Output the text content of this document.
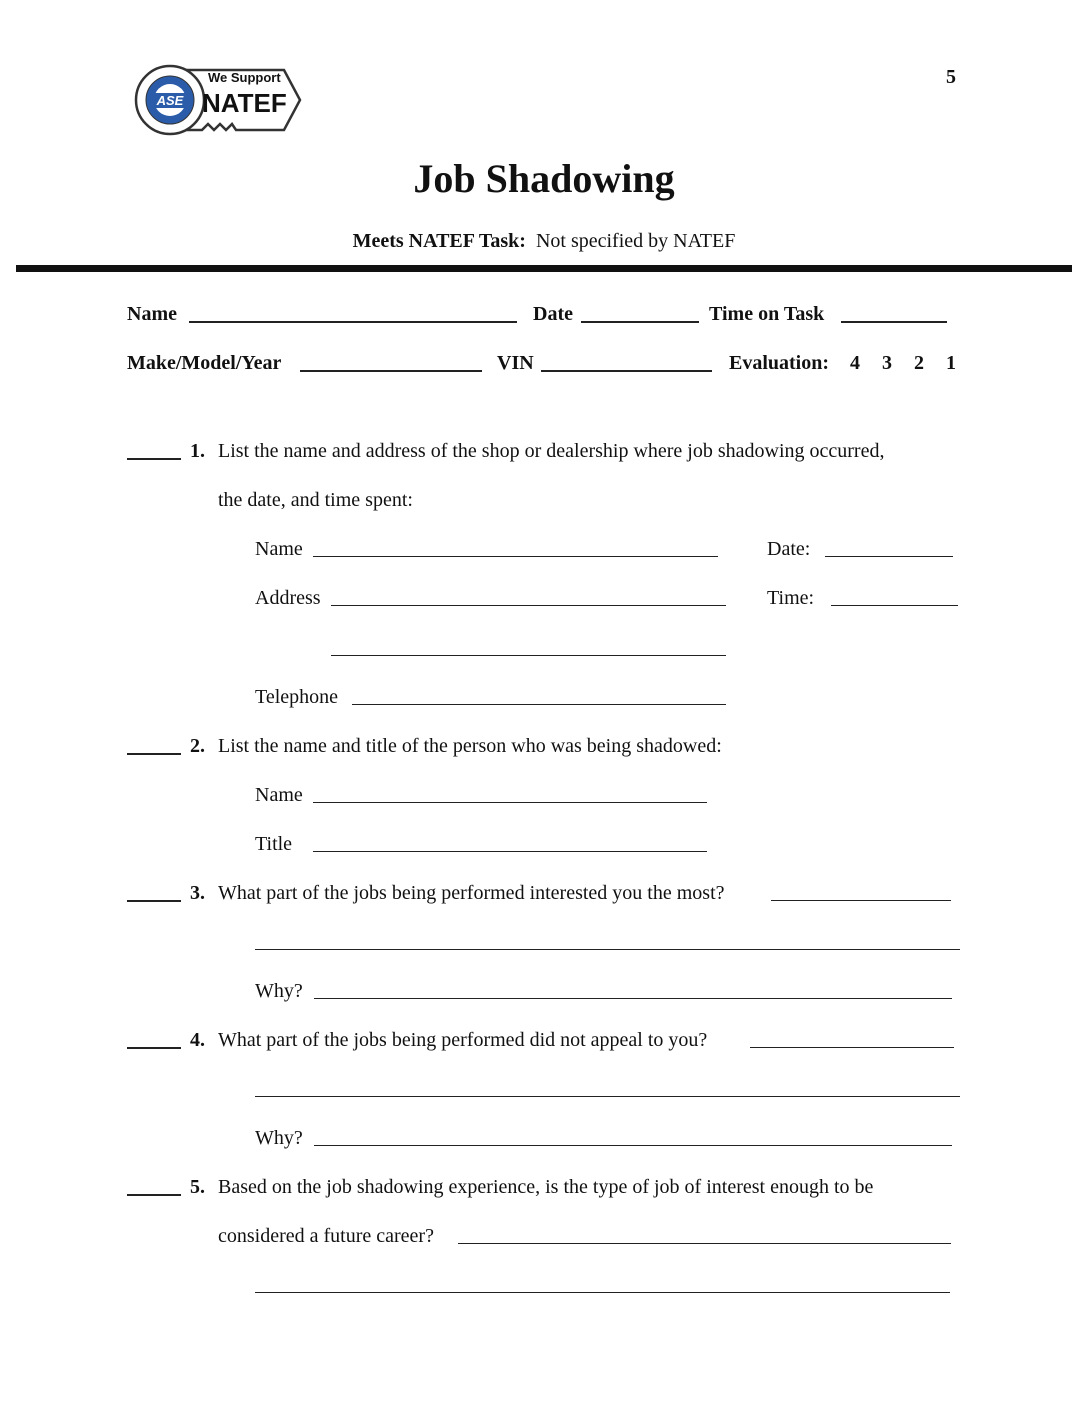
ASE
We Support
NATEF
5
Job Shadowing
Meets NATEF Task: Not specified by NATEF
Name	Date	Time on Task
Make/Model/Year	VIN	Evaluation: 4 3 2 1
1. List the name and address of the shop or dealership where job shadowing occurred,
the date, and time spent:
Name	Date:
Address	Time:
Telephone
2. List the name and title of the person who was being shadowed:
Name
Title
3. What part of the jobs being performed interested you the most?
Why?
4. What part of the jobs being performed did not appeal to you?
Why?
5. Based on the job shadowing experience, is the type of job of interest enough to be
considered a future career?
